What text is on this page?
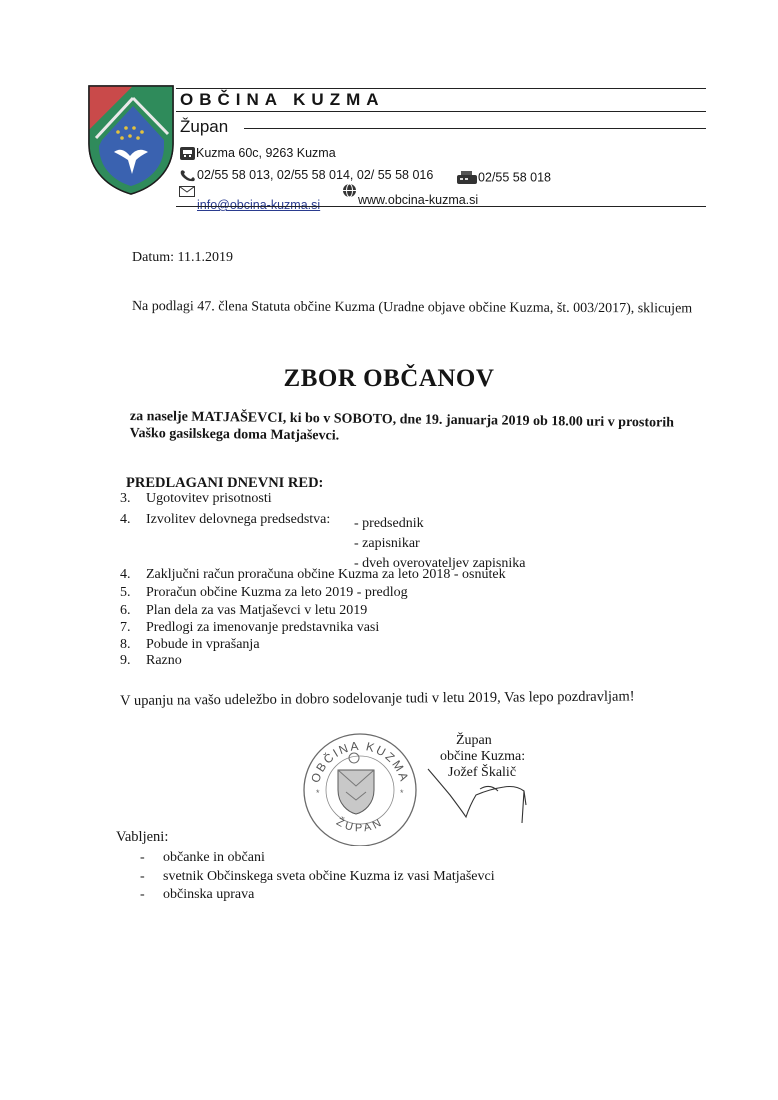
OBČINA KUZMA
Župan
Kuzma 60c, 9263 Kuzma
02/55 58 013, 02/55 58 014, 02/ 55 58 016	02/55 58 018

info@obcina-kuzma.si	www.obcina-kuzma.si
Datum: 11.1.2019
Na podlagi 47. člena Statuta občine Kuzma (Uradne objave občine Kuzma, št. 003/2017), sklicujem
ZBOR OBČANOV
za naselje MATJAŠEVCI, ki bo v SOBOTO, dne 19. januarja 2019 ob 18.00 uri v prostorih Vaško gasilskega doma Matjaševci.
PREDLAGANI DNEVNI RED:
3. Ugotovitev prisotnosti
4. Izvolitev delovnega predsedstva: - predsednik
- zapisnikar
- dveh overovateljev zapisnika
4. Zaključni račun proračuna občine Kuzma za leto 2018 - osnutek
5. Proračun občine Kuzma za leto 2019 - predlog
6. Plan dela za vas Matjaševci v letu 2019
7. Predlogi za imenovanje predstavnika vasi
8. Pobude in vprašanja
9. Razno
V upanju na vašo udeležbo in dobro sodelovanje tudi v letu 2019, Vas lepo pozdravljam!
OBČINA KUZMA
ŽUPAN
*	*
Župan
občine Kuzma:
Jožef Škalič
Vabljeni:
- občanke in občani
- svetnik Občinskega sveta občine Kuzma iz vasi Matjaševci
- občinska uprava
